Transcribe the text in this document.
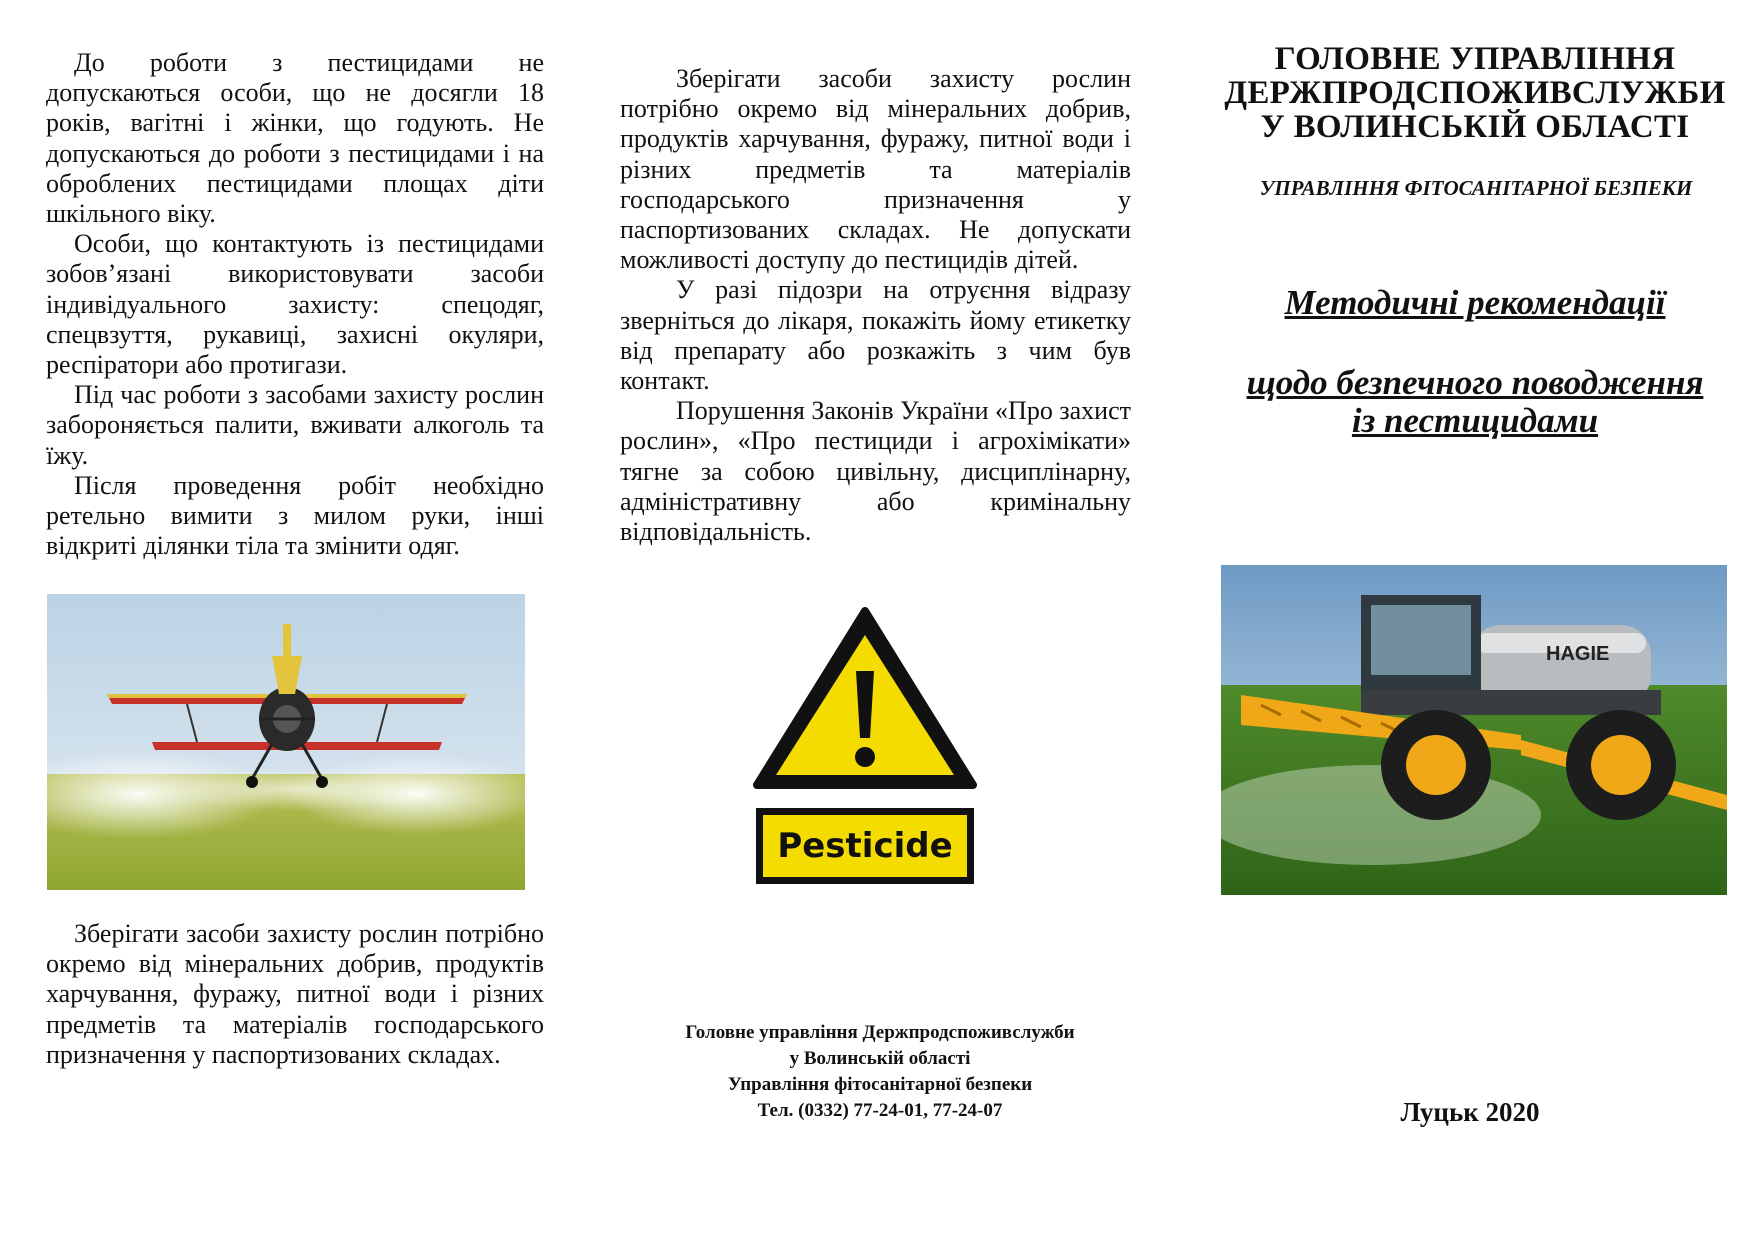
До роботи з пестицидами не допускаються особи, що не досягли 18 років, вагітні і жінки, що годують. Не допускаються до роботи з пестицидами і на оброблених пестицидами площах діти шкільного віку.

Особи, що контактують із пестицидами зобов’язані використовувати засоби індивідуального захисту: спецодяг, спецвзуття, рукавиці, захисні окуляри, респіратори або протигази.

Під час роботи з засобами захисту рослин забороняється палити, вживати алкоголь та їжу.

Після проведення робіт необхідно ретельно вимити з милом руки, інші відкриті ділянки тіла та змінити одяг.

Зберігати засоби захисту рослин потрібно окремо від мінеральних добрив, продуктів харчування, фуражу, питної води і різних предметів та матеріалів господарського призначення у паспортизованих складах.

Зберігати засоби захисту рослин потрібно окремо від мінеральних добрив, продуктів харчування, фуражу, питної води і різних предметів та матеріалів господарського призначення у паспортизованих складах. Не допускати можливості доступу до пестицидів дітей.

У разі підозри на отруєння відразу зверніться до лікаря, покажіть йому етикетку від препарату або розкажіть з чим був контакт.

Порушення Законів України «Про захист рослин», «Про пестициди і агрохімікати» тягне за собою цивільну, дисциплінарну, адміністративну або кримінальну відповідальність.

Pesticide
Головне управління Держпродспоживслужби
у Волинській області
Управління фітосанітарної безпеки
Тел. (0332) 77-24-01, 77-24-07
ГОЛОВНЕ УПРАВЛІННЯ
ДЕРЖПРОДСПОЖИВСЛУЖБИ
У ВОЛИНСЬКІЙ ОБЛАСТІ
УПРАВЛІННЯ ФІТОСАНІТАРНОЇ БЕЗПЕКИ
Методичні рекомендації
щодо безпечного поводження
із пестицидами
HAGIE
Луцьк 2020
